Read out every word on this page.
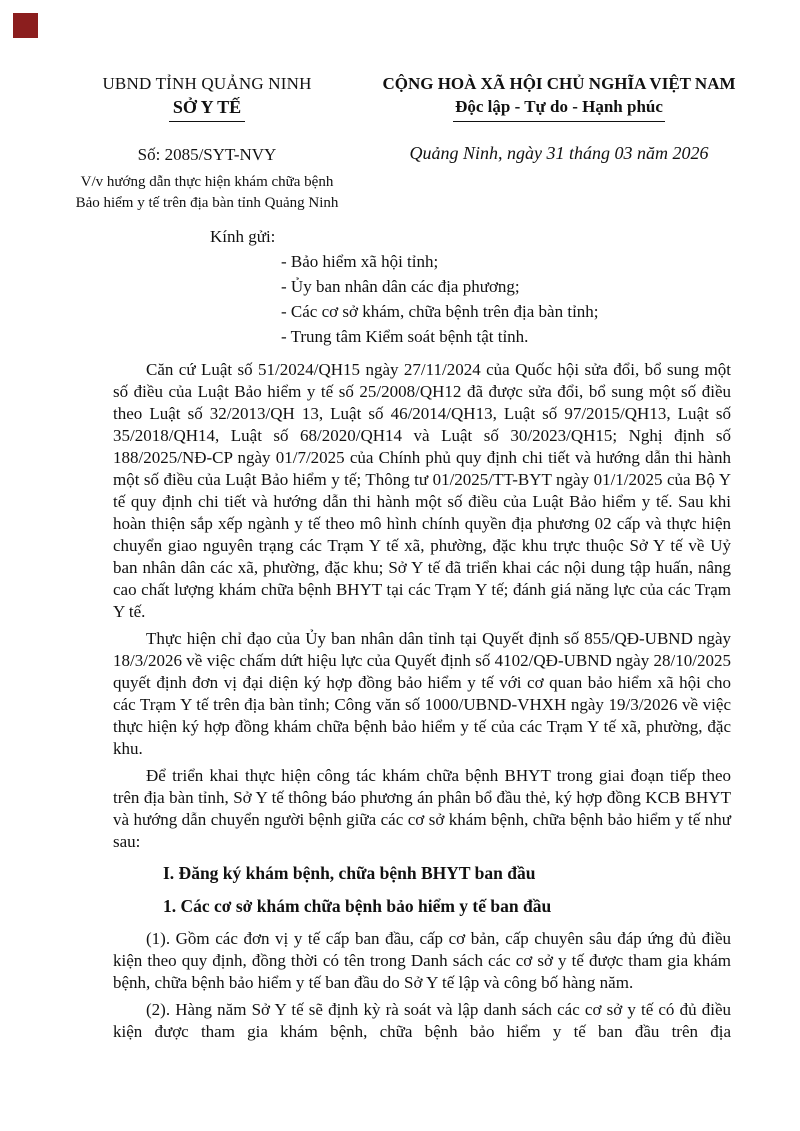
UBND TỈNH QUẢNG NINH
SỞ Y TẾ
Số: 2085/SYT-NVY
V/v hướng dẫn thực hiện khám chữa bệnh
Bảo hiểm y tế trên địa bàn tỉnh Quảng Ninh
CỘNG HOÀ XÃ HỘI CHỦ NGHĨA VIỆT NAM
Độc lập - Tự do - Hạnh phúc
Quảng Ninh, ngày 31 tháng 03 năm 2026
Kính gửi:
- Bảo hiểm xã hội tỉnh;
- Ủy ban nhân dân các địa phương;
- Các cơ sở khám, chữa bệnh trên địa bàn tỉnh;
- Trung tâm Kiểm soát bệnh tật tỉnh.

Căn cứ Luật số 51/2024/QH15 ngày 27/11/2024 của Quốc hội sửa đổi, bổ sung một số điều của Luật Bảo hiểm y tế số 25/2008/QH12 đã được sửa đổi, bổ sung một số điều theo Luật số 32/2013/QH 13, Luật số 46/2014/QH13, Luật số 97/2015/QH13, Luật số 35/2018/QH14, Luật số 68/2020/QH14 và Luật số 30/2023/QH15; Nghị định số 188/2025/NĐ-CP ngày 01/7/2025 của Chính phủ quy định chi tiết và hướng dẫn thi hành một số điều của Luật Bảo hiểm y tế; Thông tư 01/2025/TT-BYT ngày 01/1/2025 của Bộ Y tế quy định chi tiết và hướng dẫn thi hành một số điều của Luật Bảo hiểm y tế. Sau khi hoàn thiện sắp xếp ngành y tế theo mô hình chính quyền địa phương 02 cấp và thực hiện chuyển giao nguyên trạng các Trạm Y tế xã, phường, đặc khu trực thuộc Sở Y tế về Uỷ ban nhân dân các xã, phường, đặc khu; Sở Y tế đã triển khai các nội dung tập huấn, nâng cao chất lượng khám chữa bệnh BHYT tại các Trạm Y tế; đánh giá năng lực của các Trạm Y tế.

Thực hiện chỉ đạo của Ủy ban nhân dân tỉnh tại Quyết định số 855/QĐ-UBND ngày 18/3/2026 về việc chấm dứt hiệu lực của Quyết định số 4102/QĐ-UBND ngày 28/10/2025 quyết định đơn vị đại diện ký hợp đồng bảo hiểm y tế với cơ quan bảo hiểm xã hội cho các Trạm Y tế trên địa bàn tỉnh; Công văn số 1000/UBND-VHXH ngày 19/3/2026 về việc thực hiện ký hợp đồng khám chữa bệnh bảo hiểm y tế của các Trạm Y tế xã, phường, đặc khu.

Để triển khai thực hiện công tác khám chữa bệnh BHYT trong giai đoạn tiếp theo trên địa bàn tỉnh, Sở Y tế thông báo phương án phân bổ đầu thẻ, ký hợp đồng KCB BHYT và hướng dẫn chuyển người bệnh giữa các cơ sở khám bệnh, chữa bệnh bảo hiểm y tế như sau:

I. Đăng ký khám bệnh, chữa bệnh BHYT ban đầu
1. Các cơ sở khám chữa bệnh bảo hiểm y tế ban đầu

(1). Gồm các đơn vị y tế cấp ban đầu, cấp cơ bản, cấp chuyên sâu đáp ứng đủ điều kiện theo quy định, đồng thời có tên trong Danh sách các cơ sở y tế được tham gia khám bệnh, chữa bệnh bảo hiểm y tế ban đầu do Sở Y tế lập và công bố hàng năm.

(2). Hàng năm Sở Y tế sẽ định kỳ rà soát và lập danh sách các cơ sở y tế có đủ điều kiện được tham gia khám bệnh, chữa bệnh bảo hiểm y tế ban đầu trên địa
